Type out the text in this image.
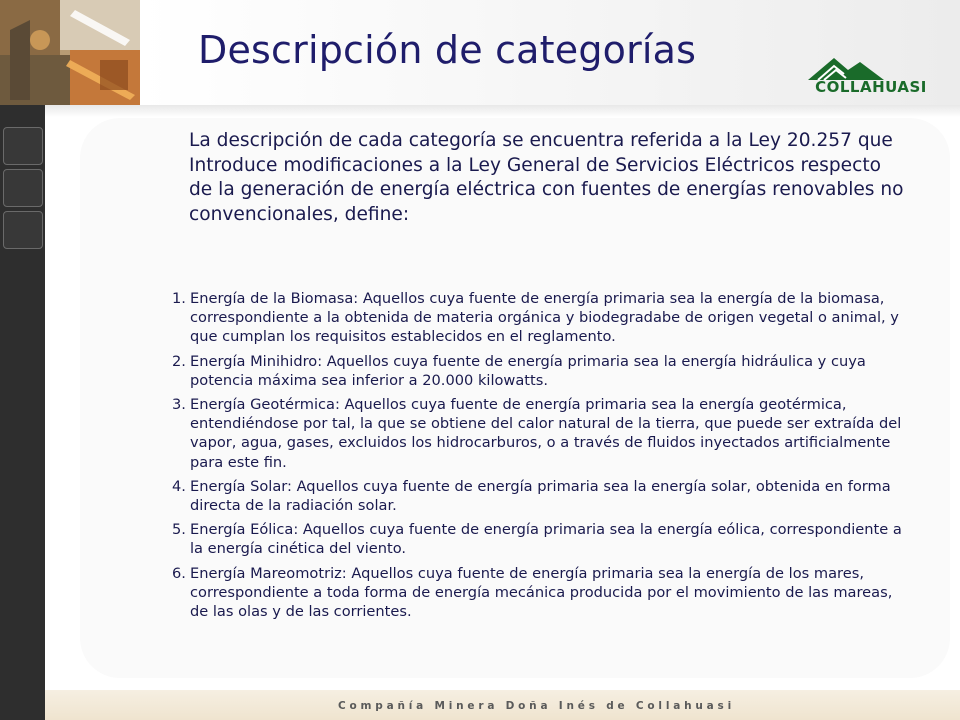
Descripción de categorías
COLLAHUASI
La descripción de cada categoría se encuentra referida a la Ley 20.257 que Introduce modificaciones a la Ley General de Servicios Eléctricos respecto de la generación de energía eléctrica con fuentes de energías renovables no convencionales, define:
1. Energía de la Biomasa: Aquellos cuya fuente de energía primaria sea la energía de la biomasa, correspondiente a la obtenida de materia orgánica y biodegradabe de origen vegetal o animal, y que cumplan los requisitos establecidos en el reglamento.
2. Energía Minihidro: Aquellos cuya fuente de energía primaria sea la energía hidráulica y cuya potencia máxima sea inferior a 20.000 kilowatts.
3. Energía Geotérmica: Aquellos cuya fuente de energía primaria sea la energía geotérmica, entendiéndose por tal, la que se obtiene del calor natural de la tierra, que puede ser extraída del vapor, agua, gases, excluidos los hidrocarburos, o a través de fluidos inyectados artificialmente para este fin.
4. Energía Solar: Aquellos cuya fuente de energía primaria sea la energía solar, obtenida en forma directa de la radiación solar.
5. Energía Eólica: Aquellos cuya fuente de energía primaria sea la energía eólica, correspondiente a la energía cinética del viento.
6. Energía Mareomotriz: Aquellos cuya fuente de energía primaria sea la energía de los mares, correspondiente a toda forma de energía mecánica producida por el movimiento de las mareas, de las olas y de las corrientes.
Compañía Minera Doña Inés de Collahuasi
